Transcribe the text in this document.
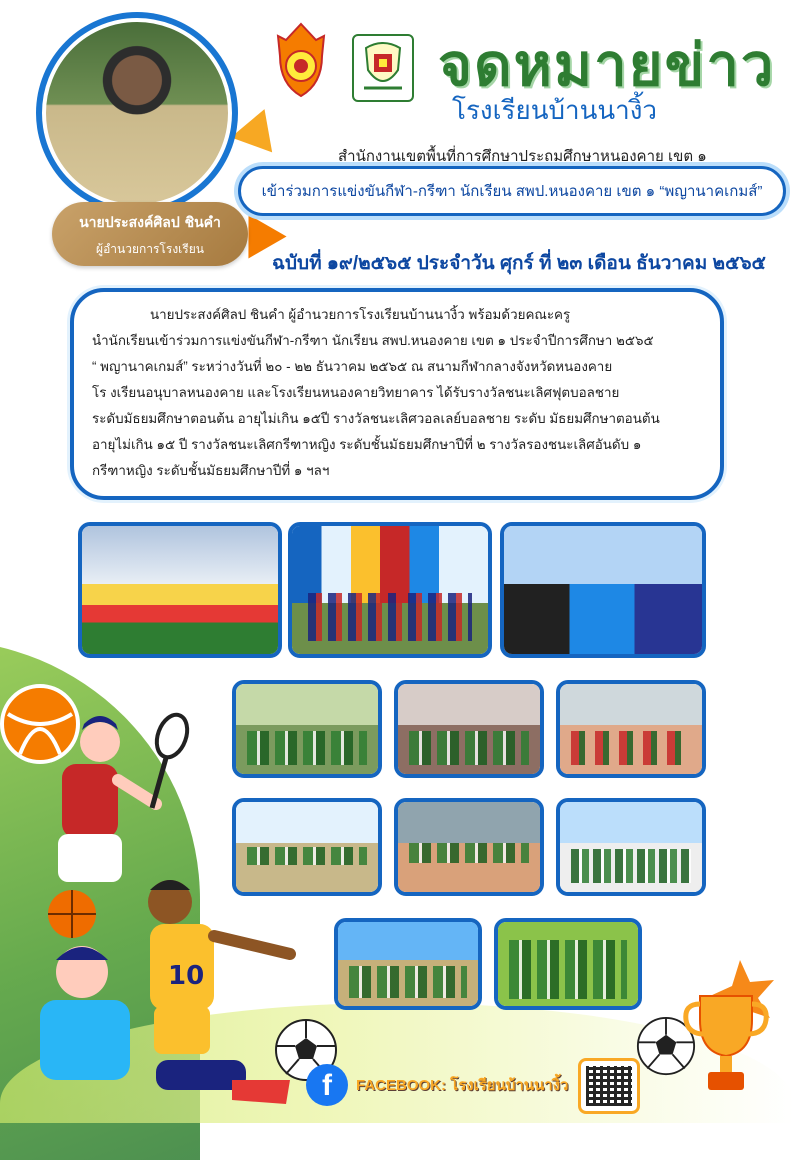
นายประสงค์ศิลป ชินคำ
ผู้อำนวยการโรงเรียน
จดหมายข่าว
โรงเรียนบ้านนางิ้ว
สำนักงานเขตพื้นที่การศึกษาประถมศึกษาหนองคาย เขต ๑
เข้าร่วมการแข่งขันกีฬา-กรีฑา นักเรียน สพป.หนองคาย เขต ๑ “พญานาคเกมส์”
ฉบับที่ ๑๙/๒๕๖๕ ประจำวัน ศุกร์ ที่ ๒๓ เดือน ธันวาคม ๒๕๖๕
นายประสงค์ศิลป ชินคำ ผู้อำนวยการโรงเรียนบ้านนางิ้ว พร้อมด้วยคณะครู
นำนักเรียนเข้าร่วมการแข่งขันกีฬา-กรีฑา นักเรียน สพป.หนองคาย เขต ๑ ประจำปีการศึกษา ๒๕๖๕
“ พญานาคเกมส์” ระหว่างวันที่ ๒๐ - ๒๒ ธันวาคม ๒๕๖๕ ณ สนามกีฬากลางจังหวัดหนองคาย
โร งเรียนอนุบาลหนองคาย และโรงเรียนหนองคายวิทยาคาร ได้รับรางวัลชนะเลิศฟุตบอลชาย
ระดับมัธยมศึกษาตอนต้น อายุไม่เกิน ๑๕ปี รางวัลชนะเลิศวอลเลย์บอลชาย ระดับ มัธยมศึกษาตอนต้น
อายุไม่เกิน ๑๕ ปี รางวัลชนะเลิศกรีฑาหญิง ระดับชั้นมัธยมศึกษาปีที่ ๒ รางวัลรองชนะเลิศอันดับ ๑
กรีฑาหญิง ระดับชั้นมัธยมศึกษาปีที่ ๑ ฯลฯ
10
f	FACEBOOK: โรงเรียนบ้านนางิ้ว
